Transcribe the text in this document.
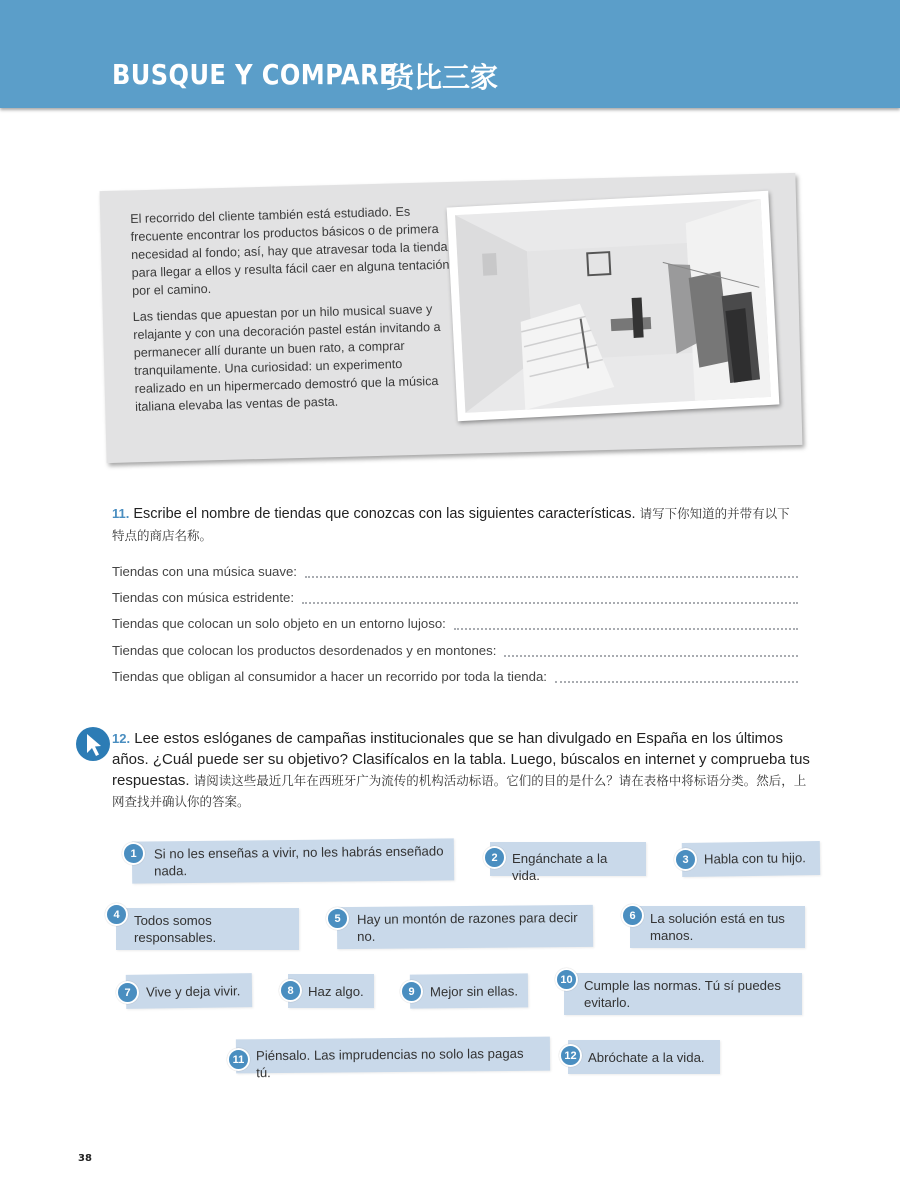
BUSQUE Y COMPARE
货比三家

El recorrido del cliente también está estudiado. Es frecuente encontrar los productos básicos o de primera necesidad al fondo; así, hay que atravesar toda la tienda para llegar a ellos y resulta fácil caer en alguna tentación por el camino.

Las tiendas que apuestan por un hilo musical suave y relajante y con una decoración pastel están invitando a permanecer allí durante un buen rato, a comprar tranquilamente. Una curiosidad: un experimento realizado en un hipermercado demostró que la música italiana elevaba las ventas de pasta.

11. Escribe el nombre de tiendas que conozcas con las siguientes características. 请写下你知道的并带有以下特点的商店名称。
Tiendas con una música suave:
Tiendas con música estridente:
Tiendas que colocan un solo objeto en un entorno lujoso:
Tiendas que colocan los productos desordenados y en montones:
Tiendas que obligan al consumidor a hacer un recorrido por toda la tienda:
12. Lee estos eslóganes de campañas institucionales que se han divulgado en España en los últimos años. ¿Cuál puede ser su objetivo? Clasifícalos en la tabla. Luego, búscalos en internet y comprueba tus respuestas. 请阅读这些最近几年在西班牙广为流传的机构活动标语。它们的目的是什么？请在表格中将标语分类。然后，上网查找并确认你的答案。
Si no les enseñas a vivir, no les habrás enseñado nada.
1	Engánchate a la vida.
2	Habla con tu hijo.
3
Todos somos responsables.
4	Hay un montón de razones para decir no.
5	La solución está en tus manos.
6
Vive y deja vivir.
7	Haz algo.
8	Mejor sin ellas.
9	Cumple las normas. Tú sí puedes evitarlo.
10
Piénsalo. Las imprudencias no solo las pagas tú.
11	Abróchate a la vida.
12
38
